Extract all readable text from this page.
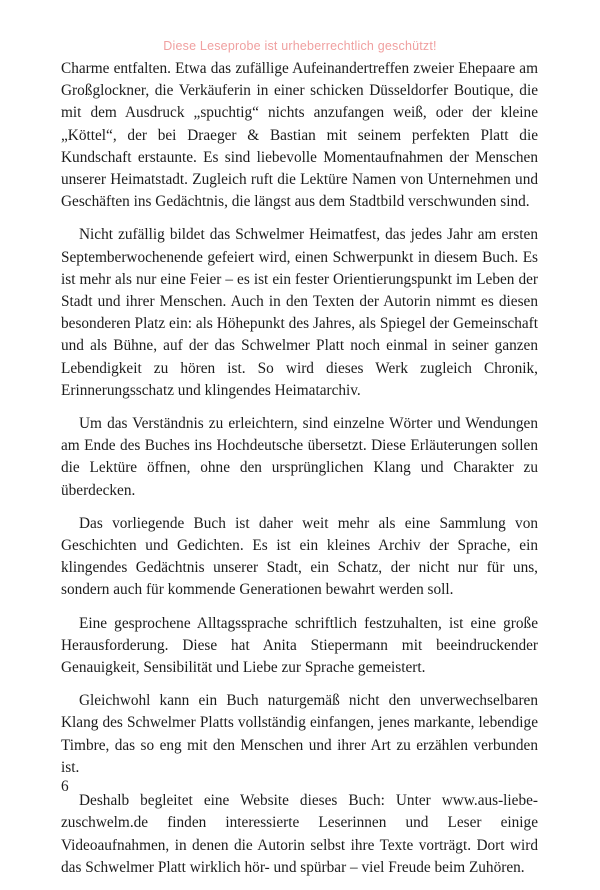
Diese Leseprobe ist urheberrechtlich geschützt!

Charme entfalten. Etwa das zufällige Aufeinandertreffen zweier Ehepaare am Großglockner, die Verkäuferin in einer schicken Düsseldorfer Boutique, die mit dem Ausdruck „spuchtig“ nichts anzufangen weiß, oder der kleine „Köttel“, der bei Draeger & Bastian mit seinem perfekten Platt die Kundschaft erstaunte. Es sind liebevolle Momentaufnahmen der Menschen unserer Heimatstadt. Zugleich ruft die Lektüre Namen von Unternehmen und Geschäften ins Gedächtnis, die längst aus dem Stadtbild verschwunden sind.

Nicht zufällig bildet das Schwelmer Heimatfest, das jedes Jahr am ersten Septemberwochenende gefeiert wird, einen Schwerpunkt in diesem Buch. Es ist mehr als nur eine Feier – es ist ein fester Orientierungspunkt im Leben der Stadt und ihrer Menschen. Auch in den Texten der Autorin nimmt es diesen besonderen Platz ein: als Höhepunkt des Jahres, als Spiegel der Gemeinschaft und als Bühne, auf der das Schwelmer Platt noch einmal in seiner ganzen Lebendigkeit zu hören ist. So wird dieses Werk zugleich Chronik, Erinnerungsschatz und klingendes Heimatarchiv.

Um das Verständnis zu erleichtern, sind einzelne Wörter und Wendungen am Ende des Buches ins Hochdeutsche übersetzt. Diese Erläuterungen sollen die Lektüre öffnen, ohne den ursprünglichen Klang und Charakter zu überdecken.

Das vorliegende Buch ist daher weit mehr als eine Sammlung von Geschichten und Gedichten. Es ist ein kleines Archiv der Sprache, ein klingendes Gedächtnis unserer Stadt, ein Schatz, der nicht nur für uns, sondern auch für kommende Generationen bewahrt werden soll.

Eine gesprochene Alltagssprache schriftlich festzuhalten, ist eine große Herausforderung. Diese hat Anita Stiepermann mit beeindruckender Genauigkeit, Sensibilität und Liebe zur Sprache gemeistert.

Gleichwohl kann ein Buch naturgemäß nicht den unverwechselbaren Klang des Schwelmer Platts vollständig einfangen, jenes markante, lebendige Timbre, das so eng mit den Menschen und ihrer Art zu erzählen verbunden ist.

Deshalb begleitet eine Website dieses Buch: Unter www.aus-liebe-zuschwelm.de finden interessierte Leserinnen und Leser einige Videoaufnahmen, in denen die Autorin selbst ihre Texte vorträgt. Dort wird das Schwelmer Platt wirklich hör- und spürbar – viel Freude beim Zuhören.

6
